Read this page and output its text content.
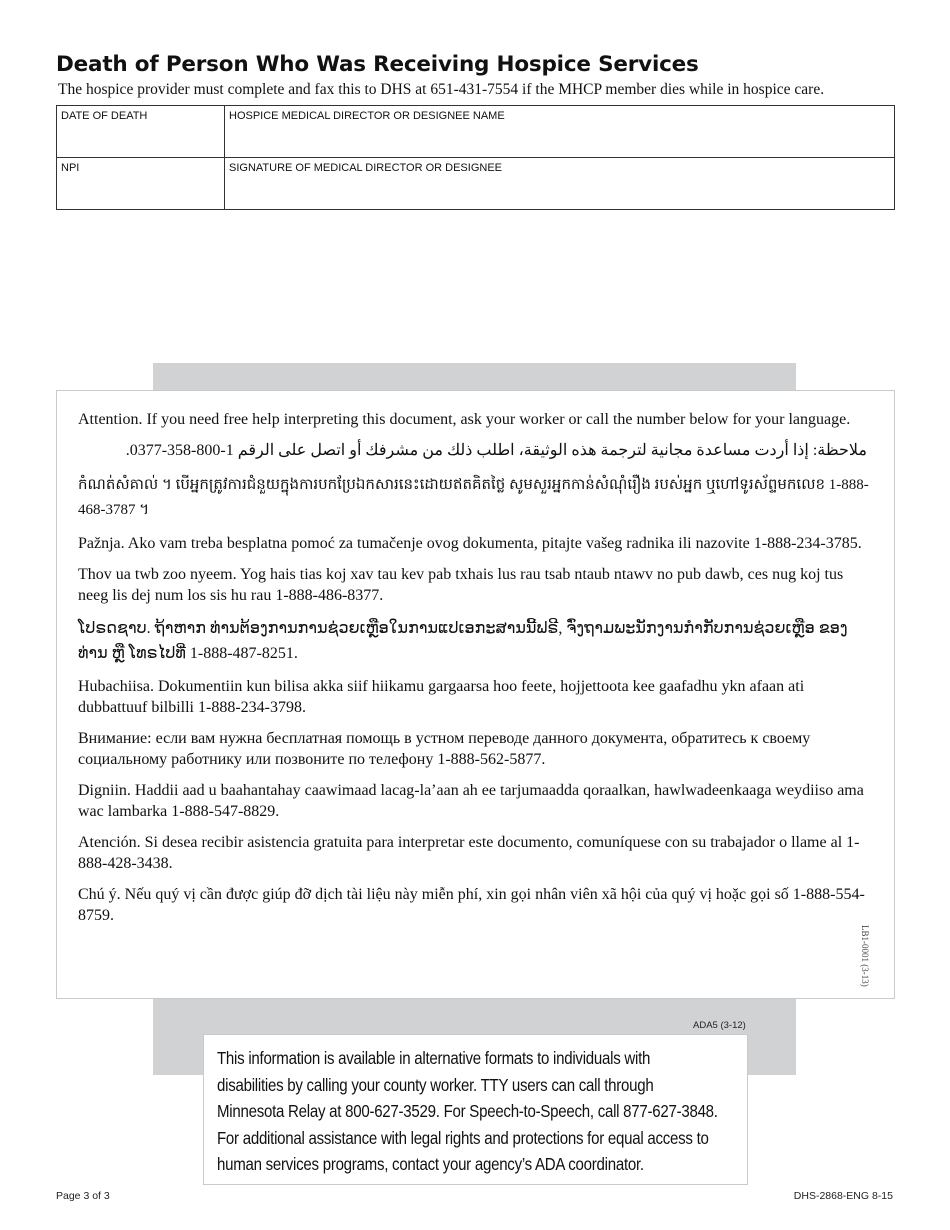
Death of Person Who Was Receiving Hospice Services
The hospice provider must complete and fax this to DHS at 651-431-7554 if the MHCP member dies while in hospice care.
DATE OF DEATH	HOSPICE MEDICAL DIRECTOR OR DESIGNEE NAME
NPI	SIGNATURE OF MEDICAL DIRECTOR OR DESIGNEE

Attention. If you need free help interpreting this document, ask your worker or call the number below for your language.

ملاحظة: إذا أردت مساعدة مجانية لترجمة هذه الوثيقة، اطلب ذلك من مشرفك أو اتصل على الرقم 1-800-358-0377.

កំណត់សំគាល់ ។ បើអ្នកត្រូវការជំនួយក្នុងការបកប្រែឯកសារនេះដោយឥតគិតថ្លៃ សូមសួរអ្នកកាន់សំណុំរឿង របស់អ្នក ឬហៅទូរស័ព្ទមកលេខ 1-888-468-3787 ។

Pažnja. Ako vam treba besplatna pomoć za tumačenje ovog dokumenta, pitajte vašeg radnika ili nazovite 1-888-234-3785.

Thov ua twb zoo nyeem. Yog hais tias koj xav tau kev pab txhais lus rau tsab ntaub ntawv no pub dawb, ces nug koj tus neeg lis dej num los sis hu rau 1-888-486-8377.

ໂປຣດຊາບ. ຖ້າຫາກ ທ່ານຕ້ອງການການຊ່ວຍເຫຼືອໃນການແປເອກະສານນີ້ຟຣີ, ຈົ່ງຖາມພະນັກງານກໍາກັບການຊ່ວຍເຫຼືອ ຂອງທ່ານ ຫຼື ໂທຣໄປທີ່ 1-888-487-8251.

Hubachiisa. Dokumentiin kun bilisa akka siif hiikamu gargaarsa hoo feete, hojjettoota kee gaafadhu ykn afaan ati dubbattuuf bilbilli 1-888-234-3798.

Внимание: если вам нужна бесплатная помощь в устном переводе данного документа, обратитесь к своему социальному работнику или позвоните по телефону 1-888-562-5877.

Digniin. Haddii aad u baahantahay caawimaad lacag-la’aan ah ee tarjumaadda qoraalkan, hawlwadeenkaaga weydiiso ama wac lambarka 1-888-547-8829.

Atención. Si desea recibir asistencia gratuita para interpretar este documento, comuníquese con su trabajador o llame al 1-888-428-3438.

Chú ý. Nếu quý vị cần được giúp đỡ dịch tài liệu này miễn phí, xin gọi nhân viên xã hội của quý vị hoặc gọi số 1-888-554-8759.

LB1-0001 (3-13)
ADA5 (3-12)
This information is available in alternative formats to individuals with
disabilities by calling your county worker. TTY users can call through
Minnesota Relay at 800-627-3529. For Speech-to-Speech, call 877-627-3848.
For additional assistance with legal rights and protections for equal access to
human services programs, contact your agency’s ADA coordinator.
Page 3 of 3	DHS-2868-ENG 8-15
